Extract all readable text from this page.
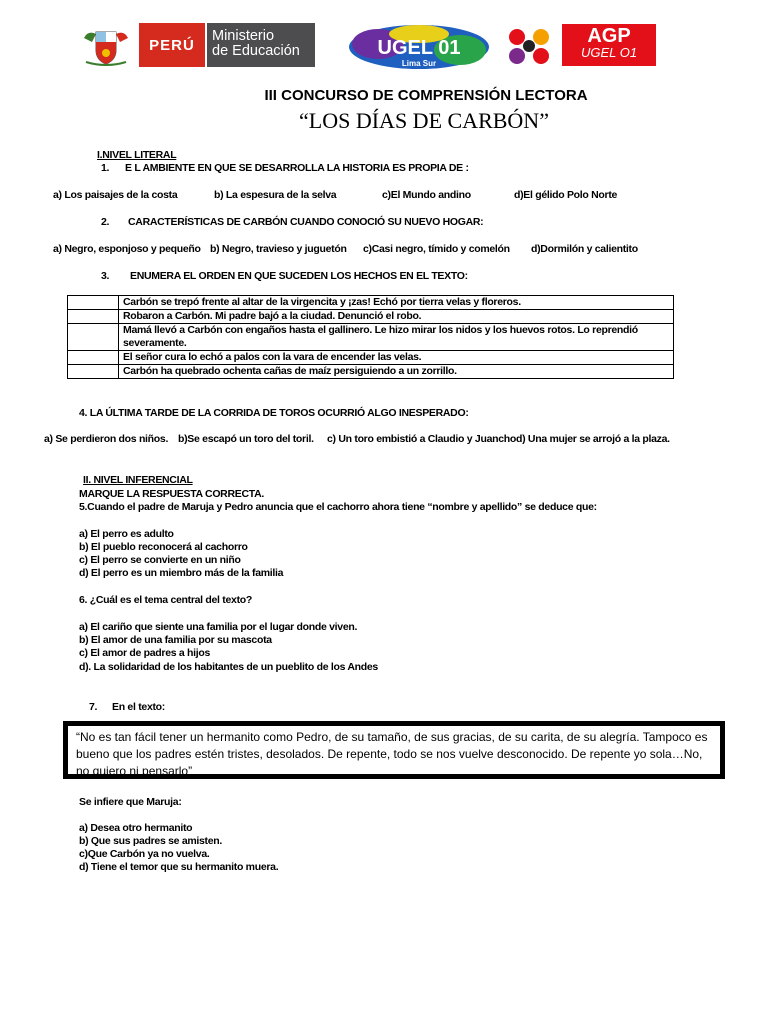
PERÚ
Ministerio
de Educación	UGEL 01
Lima Sur
AGP
UGEL O1
III CONCURSO DE COMPRENSIÓN LECTORA
“LOS DÍAS DE CARBÓN”
I.NIVEL LITERAL
1. E L AMBIENTE EN QUE SE DESARROLLA LA HISTORIA ES PROPIA DE :
a) Los paisajes de la costa	b) La espesura de la selva	c)El Mundo andino	d)El gélido Polo Norte
2. CARACTERÍSTICAS DE CARBÓN CUANDO CONOCIÓ SU NUEVO HOGAR:
a) Negro, esponjoso y pequeño b) Negro, travieso y juguetón c)Casi negro, tímido y comelón d)Dormilón y calientito
3. ENUMERA EL ORDEN EN QUE SUCEDEN LOS HECHOS EN EL TEXTO:
	Carbón se trepó frente al altar de la virgencita y ¡zas! Echó por tierra velas y floreros.
	Robaron a Carbón. Mi padre bajó a la ciudad. Denunció el robo.
	Mamá llevó a Carbón con engaños hasta el gallinero. Le hizo mirar los nidos y los huevos rotos. Lo reprendió severamente.
	El señor cura lo echó a palos con la vara de encender las velas.
	Carbón ha quebrado ochenta cañas de maíz persiguiendo a un zorrillo.
4. LA ÚLTIMA TARDE DE LA CORRIDA DE TOROS OCURRIÓ ALGO INESPERADO:
a) Se perdieron dos niños. b)Se escapó un toro del toril. c) Un toro embistió a Claudio y Juancho d) Una mujer se arrojó a la plaza.
II. NIVEL INFERENCIAL
MARQUE LA RESPUESTA CORRECTA.
5.Cuando el padre de Maruja y Pedro anuncia que el cachorro ahora tiene “nombre y apellido” se deduce que:
a) El perro es adulto
b) El pueblo reconocerá al cachorro
c) El perro se convierte en un niño
d) El perro es un miembro más de la familia
6. ¿Cuál es el tema central del texto?
a) El cariño que siente una familia por el lugar donde viven.
b) El amor de una familia por su mascota
c) El amor de padres a hijos
d). La solidaridad de los habitantes de un pueblito de los Andes
7. En el texto:
“No es tan fácil tener un hermanito como Pedro, de su tamaño, de sus gracias, de su carita, de su alegría. Tampoco es bueno que los padres estén tristes, desolados. De repente, todo se nos vuelve desconocido. De repente yo sola…No, no quiero ni pensarlo”
Se infiere que Maruja:
a) Desea otro hermanito
b) Que sus padres se amisten.
c)Que Carbón ya no vuelva.
d) Tiene el temor que su hermanito muera.
